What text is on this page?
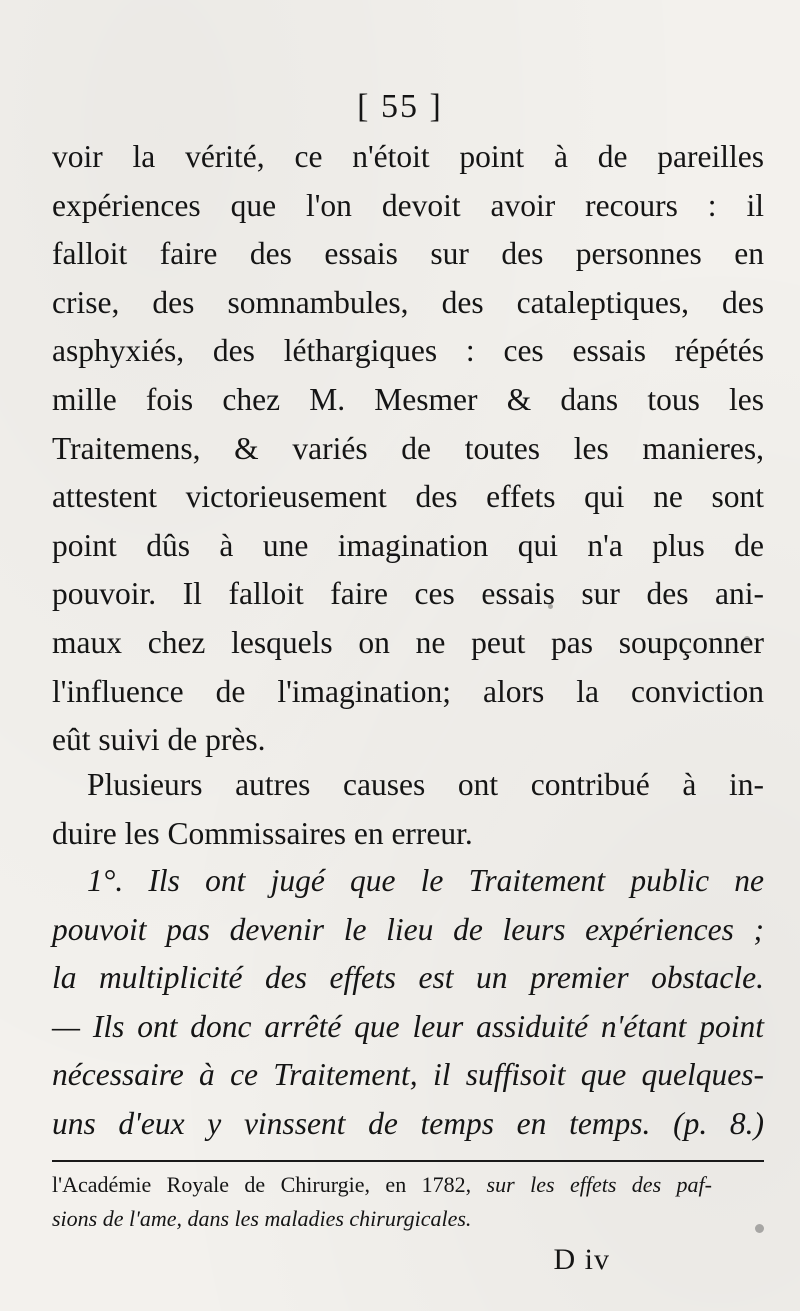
[ 55 ]
voir la vérité, ce n'étoit point à de pareilles
expériences que l'on devoit avoir recours : il
falloit faire des essais sur des personnes en
crise, des somnambules, des cataleptiques, des
asphyxiés, des léthargiques : ces essais répétés
mille fois chez M. Mesmer & dans tous les
Traitemens, & variés de toutes les manieres,
attestent victorieusement des effets qui ne sont
point dûs à une imagination qui n'a plus de
pouvoir. Il falloit faire ces essais sur des ani-
maux chez lesquels on ne peut pas soupçonner
l'influence de l'imagination; alors la conviction
eût suivi de près.
Plusieurs autres causes ont contribué à in-
duire les Commissaires en erreur.
1°. Ils ont jugé que le Traitement public ne
pouvoit pas devenir le lieu de leurs expériences ;
la multiplicité des effets est un premier obstacle.
— Ils ont donc arrêté que leur assiduité n'étant point
nécessaire à ce Traitement, il suffisoit que quelques-
uns d'eux y vinssent de temps en temps. (p. 8.)
l'Académie Royale de Chirurgie, en 1782, sur les effets des paf-
sions de l'ame, dans les maladies chirurgicales.
D iv
